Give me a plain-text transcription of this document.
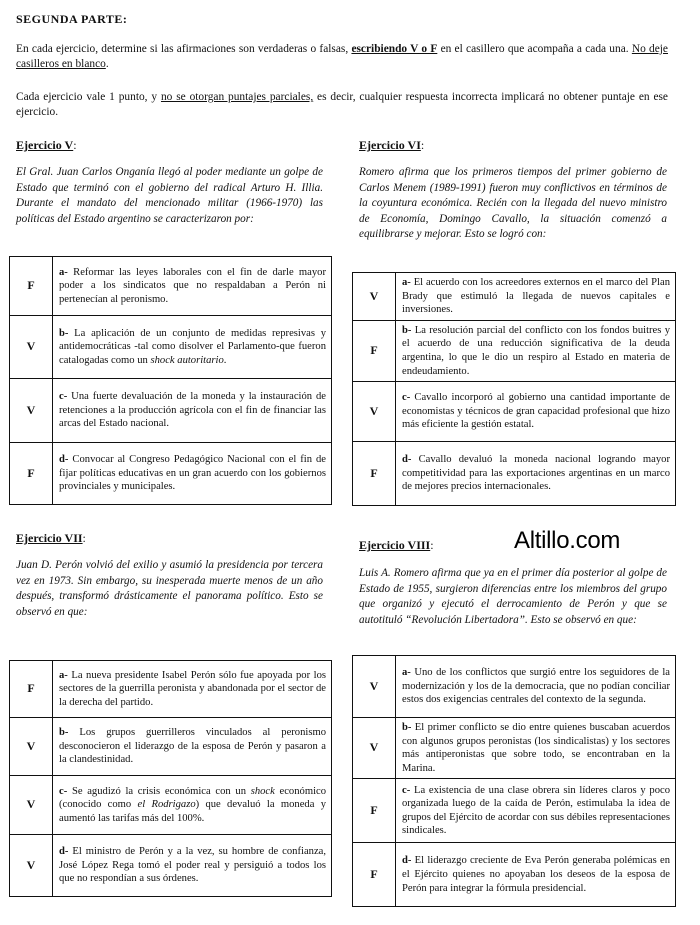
SEGUNDA PARTE:
En cada ejercicio, determine si las afirmaciones son verdaderas o falsas, escribiendo V o F en el casillero que acompaña a cada una. No deje casilleros en blanco.
Cada ejercicio vale 1 punto, y no se otorgan puntajes parciales, es decir, cualquier respuesta incorrecta implicará no obtener puntaje en ese ejercicio.
Ejercicio V:
El Gral. Juan Carlos Onganía llegó al poder mediante un golpe de Estado que terminó con el gobierno del radical Arturo H. Illia. Durante el mandato del mencionado militar (1966-1970) las políticas del Estado argentino se caracterizaron por:
F	a- Reformar las leyes laborales con el fin de darle mayor poder a los sindicatos que no respaldaban a Perón ni pertenecían al peronismo.
V	b- La aplicación de un conjunto de medidas represivas y antidemocráticas -tal como disolver el Parlamento-que fueron catalogadas como un shock autoritario.
V	c- Una fuerte devaluación de la moneda y la instauración de retenciones a la producción agrícola con el fin de financiar las arcas del Estado nacional.
F	d- Convocar al Congreso Pedagógico Nacional con el fin de fijar políticas educativas en un gran acuerdo con los gobiernos provinciales y municipales.
Ejercicio VI:
Romero afirma que los primeros tiempos del primer gobierno de Carlos Menem (1989-1991) fueron muy conflictivos en términos de la coyuntura económica. Recién con la llegada del nuevo ministro de Economía, Domingo Cavallo, la situación comenzó a equilibrarse y mejorar. Esto se logró con:
V	a- El acuerdo con los acreedores externos en el marco del Plan Brady que estimuló la llegada de nuevos capitales e inversiones.
F	b- La resolución parcial del conflicto con los fondos buitres y el acuerdo de una reducción significativa de la deuda argentina, lo que le dio un respiro al Estado en materia de endeudamiento.
V	c- Cavallo incorporó al gobierno una cantidad importante de economistas y técnicos de gran capacidad profesional que hizo más eficiente la gestión estatal.
F	d- Cavallo devaluó la moneda nacional logrando mayor competitividad para las exportaciones argentinas en un marco de mejores precios internacionales.
Altillo.com
Ejercicio VII:
Juan D. Perón volvió del exilio y asumió la presidencia por tercera vez en 1973. Sin embargo, su inesperada muerte menos de un año después, transformó drásticamente el panorama político. Esto se observó en que:
F	a- La nueva presidente Isabel Perón sólo fue apoyada por los sectores de la guerrilla peronista y abandonada por el sector de la derecha del partido.
V	b- Los grupos guerrilleros vinculados al peronismo desconocieron el liderazgo de la esposa de Perón y pasaron a la clandestinidad.
V	c- Se agudizó la crisis económica con un shock económico (conocido como el Rodrigazo) que devaluó la moneda y aumentó las tarifas más del 100%.
V	d- El ministro de Perón y a la vez, su hombre de confianza, José López Rega tomó el poder real y persiguió a todos los que no respondían a sus órdenes.
Ejercicio VIII:
Luis A. Romero afirma que ya en el primer día posterior al golpe de Estado de 1955, surgieron diferencias entre los miembros del grupo que organizó y ejecutó el derrocamiento de Perón y que se autotituló “Revolución Libertadora”. Esto se observó en que:
V	a- Uno de los conflictos que surgió entre los seguidores de la modernización y los de la democracia, que no podían conciliar estos dos exigencias centrales del contexto de la segunda.
V	b- El primer conflicto se dio entre quienes buscaban acuerdos con algunos grupos peronistas (los sindicalistas) y los sectores más antiperonistas que sobre todo, se encontraban en la Marina.
F	c- La existencia de una clase obrera sin líderes claros y poco organizada luego de la caída de Perón, estimulaba la idea de grupos del Ejército de acordar con sus débiles representaciones sindicales.
F	d- El liderazgo creciente de Eva Perón generaba polémicas en el Ejército quienes no apoyaban los deseos de la esposa de Perón para integrar la fórmula presidencial.
